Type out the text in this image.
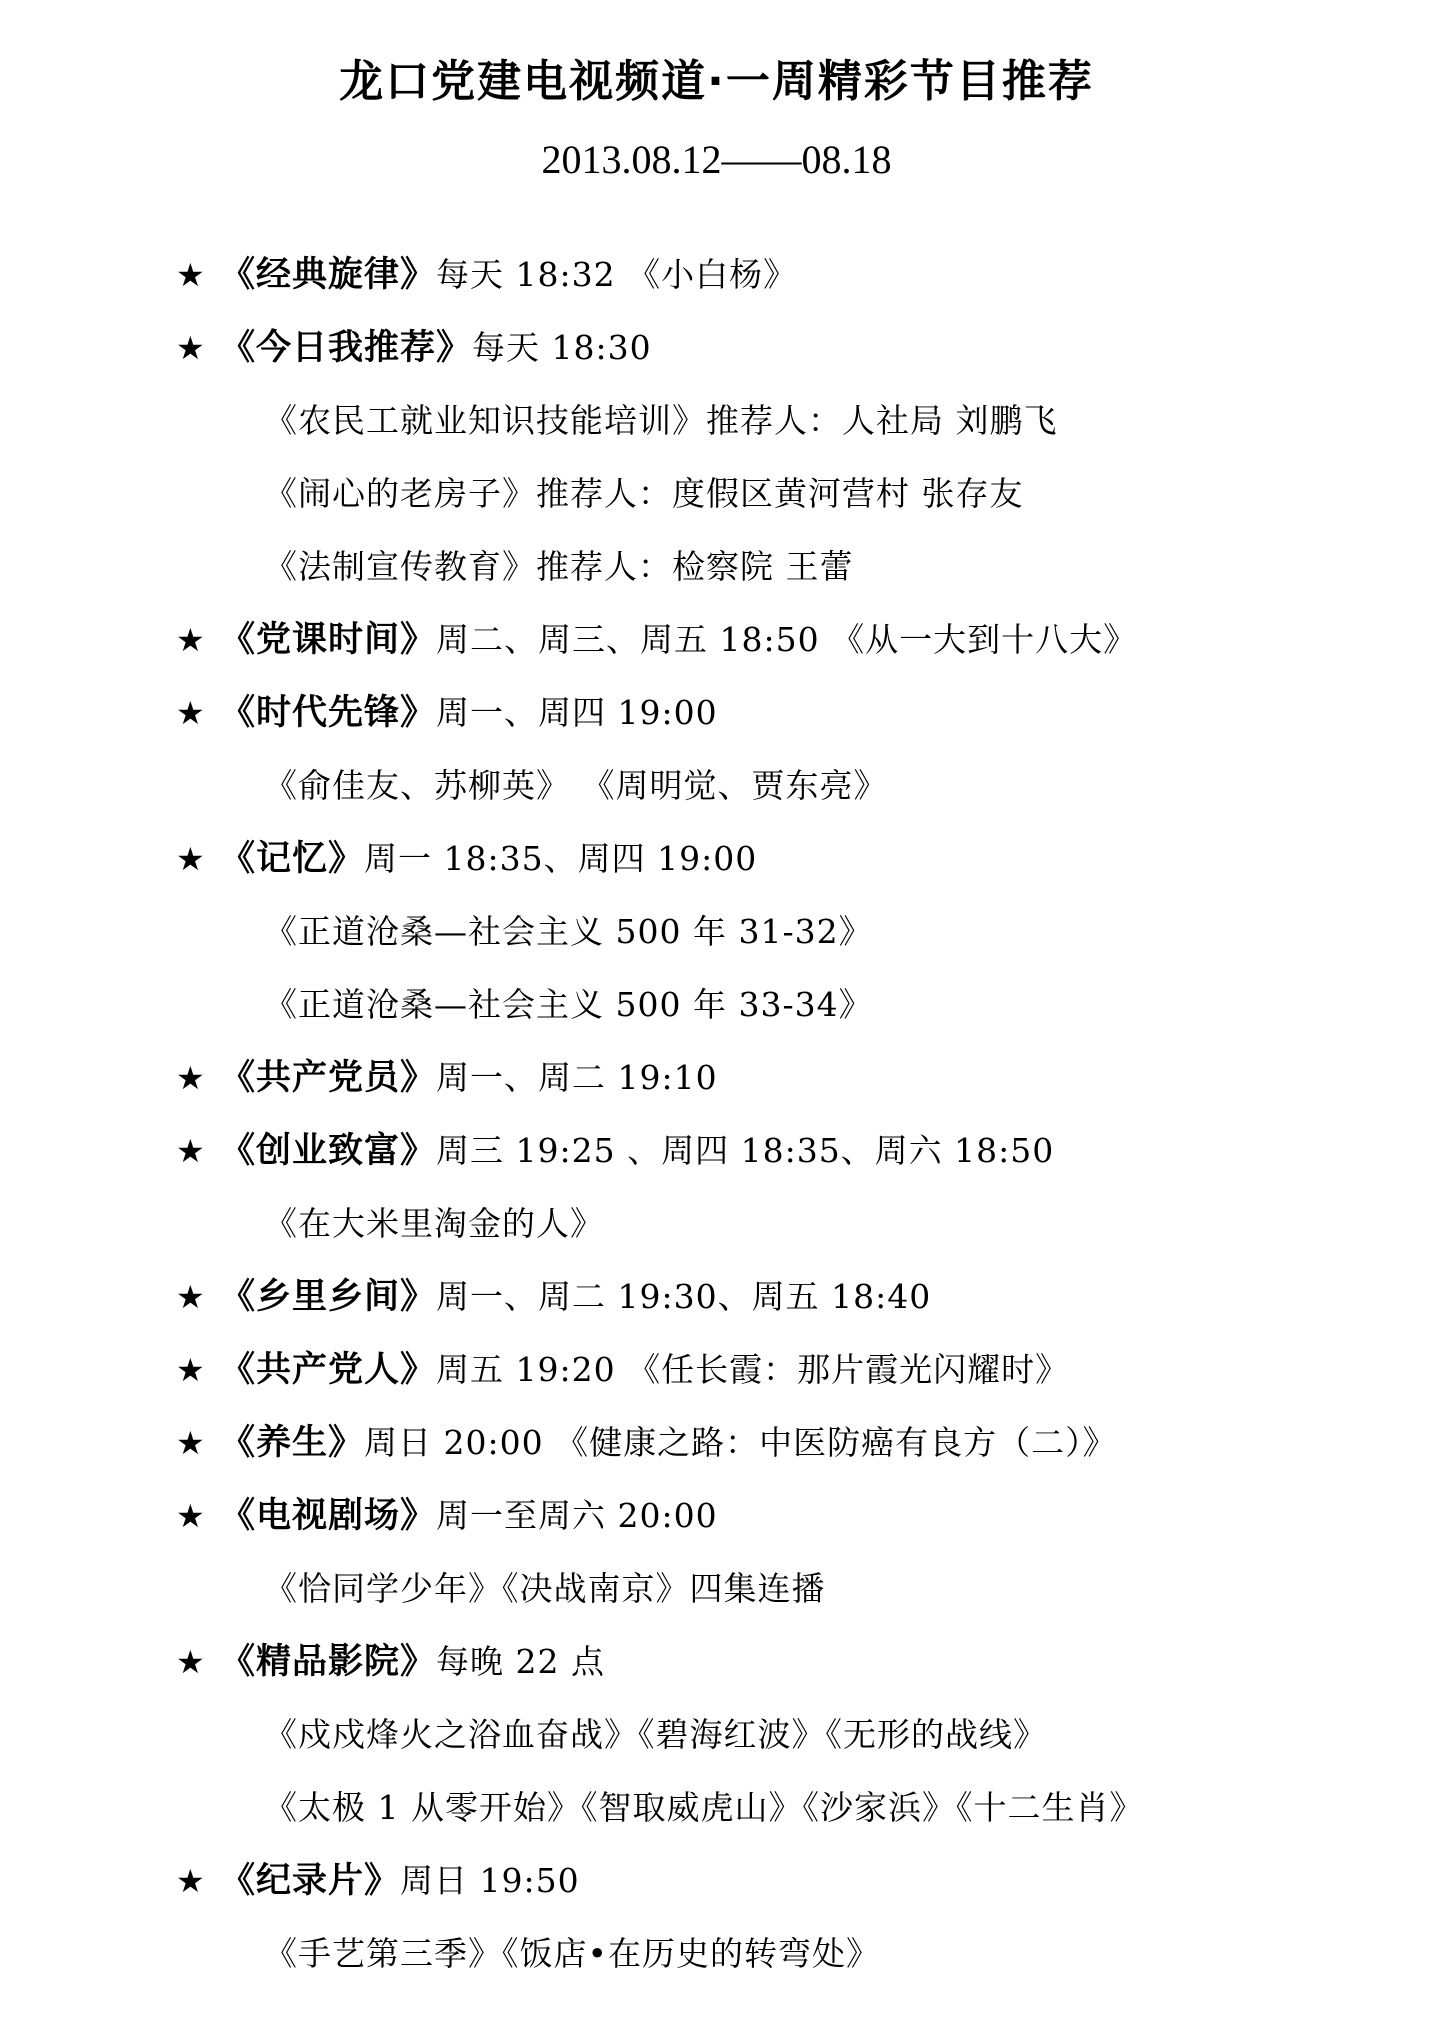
龙口党建电视频道·一周精彩节目推荐
2013.08.12——08.18
★ 《经典旋律》每天 18:32 《小白杨》
★ 《今日我推荐》每天 18:30
《农民工就业知识技能培训》推荐人：人社局 刘鹏飞
《闹心的老房子》推荐人：度假区黄河营村 张存友
《法制宣传教育》推荐人：检察院 王蕾
★ 《党课时间》周二、周三、周五 18:50 《从一大到十八大》
★ 《时代先锋》周一、周四 19:00
《俞佳友、苏柳英》 《周明觉、贾东亮》
★ 《记忆》周一 18:35、周四 19:00
《正道沧桑—社会主义 500 年 31-32》
《正道沧桑—社会主义 500 年 33-34》
★ 《共产党员》周一、周二 19:10
★ 《创业致富》周三 19:25 、周四 18:35、周六 18:50
《在大米里淘金的人》
★ 《乡里乡间》周一、周二 19:30、周五 18:40
★ 《共产党人》周五 19:20 《任长霞：那片霞光闪耀时》
★ 《养生》周日 20:00 《健康之路：中医防癌有良方（二）》
★ 《电视剧场》周一至周六 20:00
《恰同学少年》《决战南京》四集连播
★ 《精品影院》每晚 22 点
《戍戍烽火之浴血奋战》《碧海红波》《无形的战线》
《太极 1 从零开始》《智取威虎山》《沙家浜》《十二生肖》
★ 《纪录片》周日 19:50
《手艺第三季》《饭店•在历史的转弯处》
